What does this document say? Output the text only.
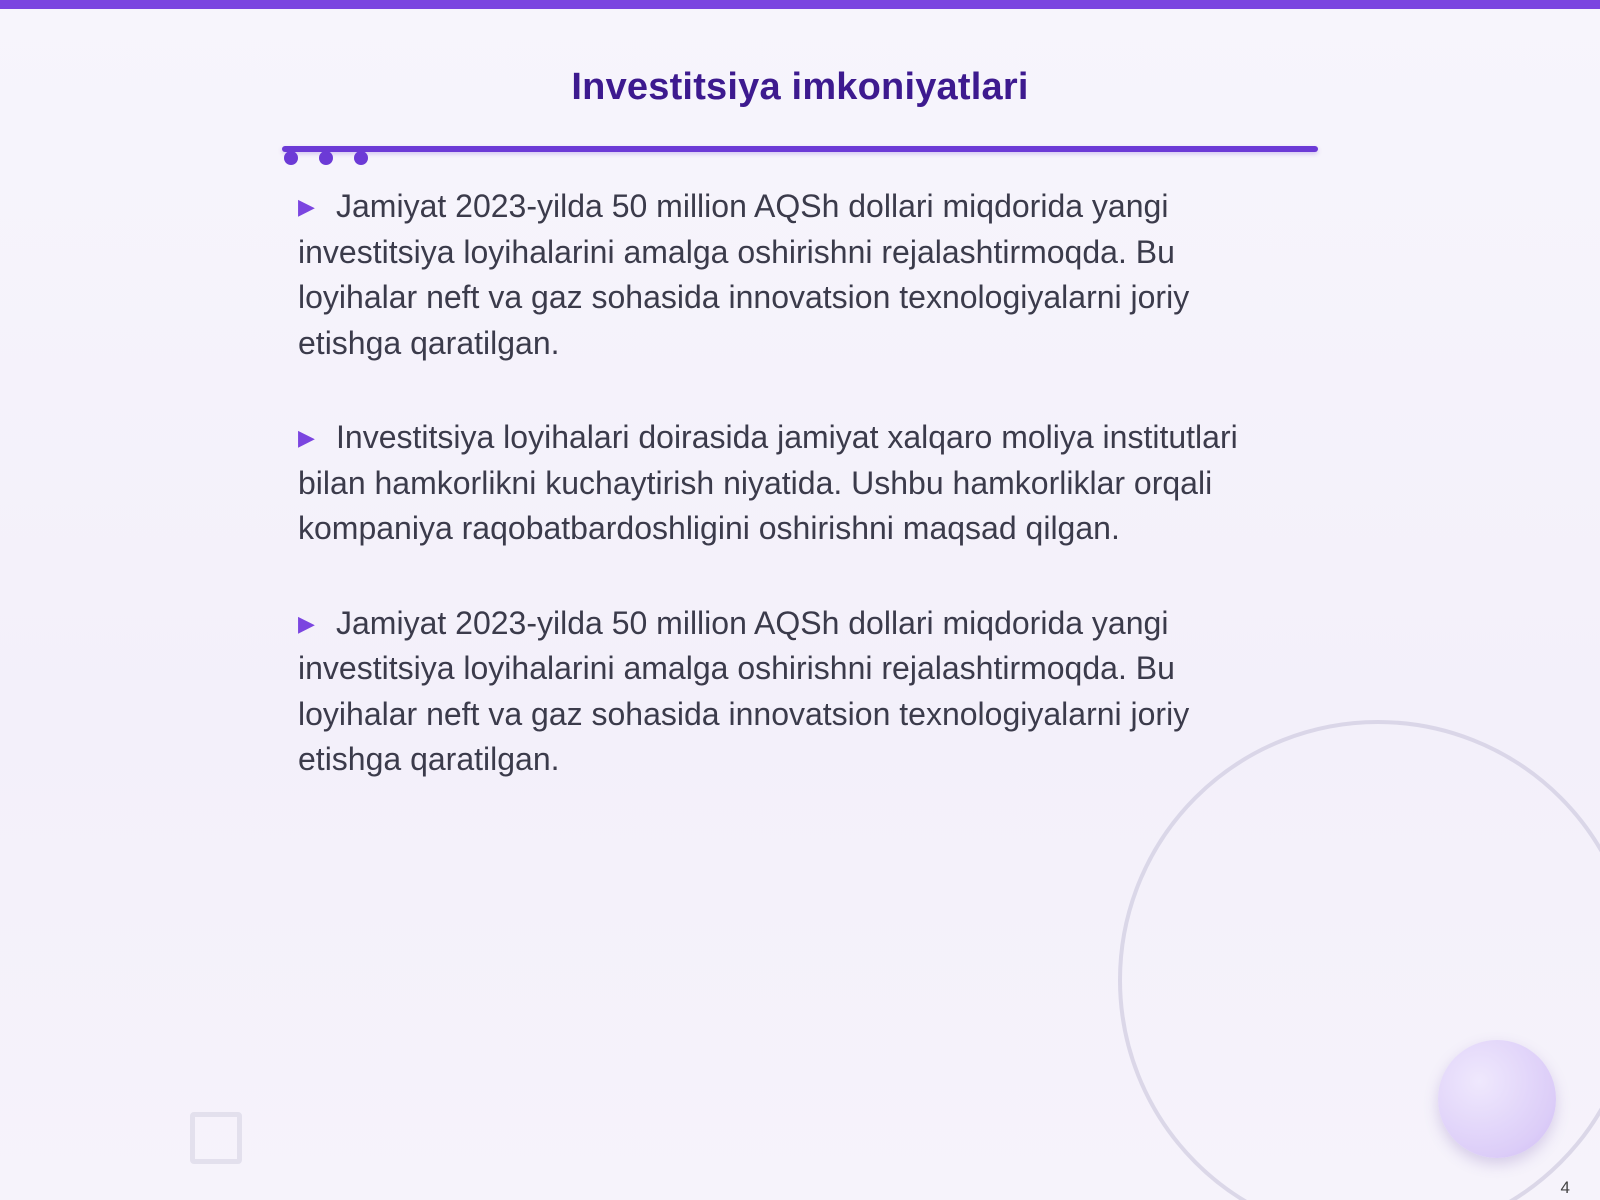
Investitsiya imkoniyatlari

▶ Jamiyat 2023-yilda 50 million AQSh dollari miqdorida yangi investitsiya loyihalarini amalga oshirishni rejalashtirmoqda. Bu loyihalar neft va gaz sohasida innovatsion texnologiyalarni joriy etishga qaratilgan.

▶ Investitsiya loyihalari doirasida jamiyat xalqaro moliya institutlari bilan hamkorlikni kuchaytirish niyatida. Ushbu hamkorliklar orqali kompaniya raqobatbardoshligini oshirishni maqsad qilgan.

▶ Jamiyat 2023-yilda 50 million AQSh dollari miqdorida yangi investitsiya loyihalarini amalga oshirishni rejalashtirmoqda. Bu loyihalar neft va gaz sohasida innovatsion texnologiyalarni joriy etishga qaratilgan.

4
